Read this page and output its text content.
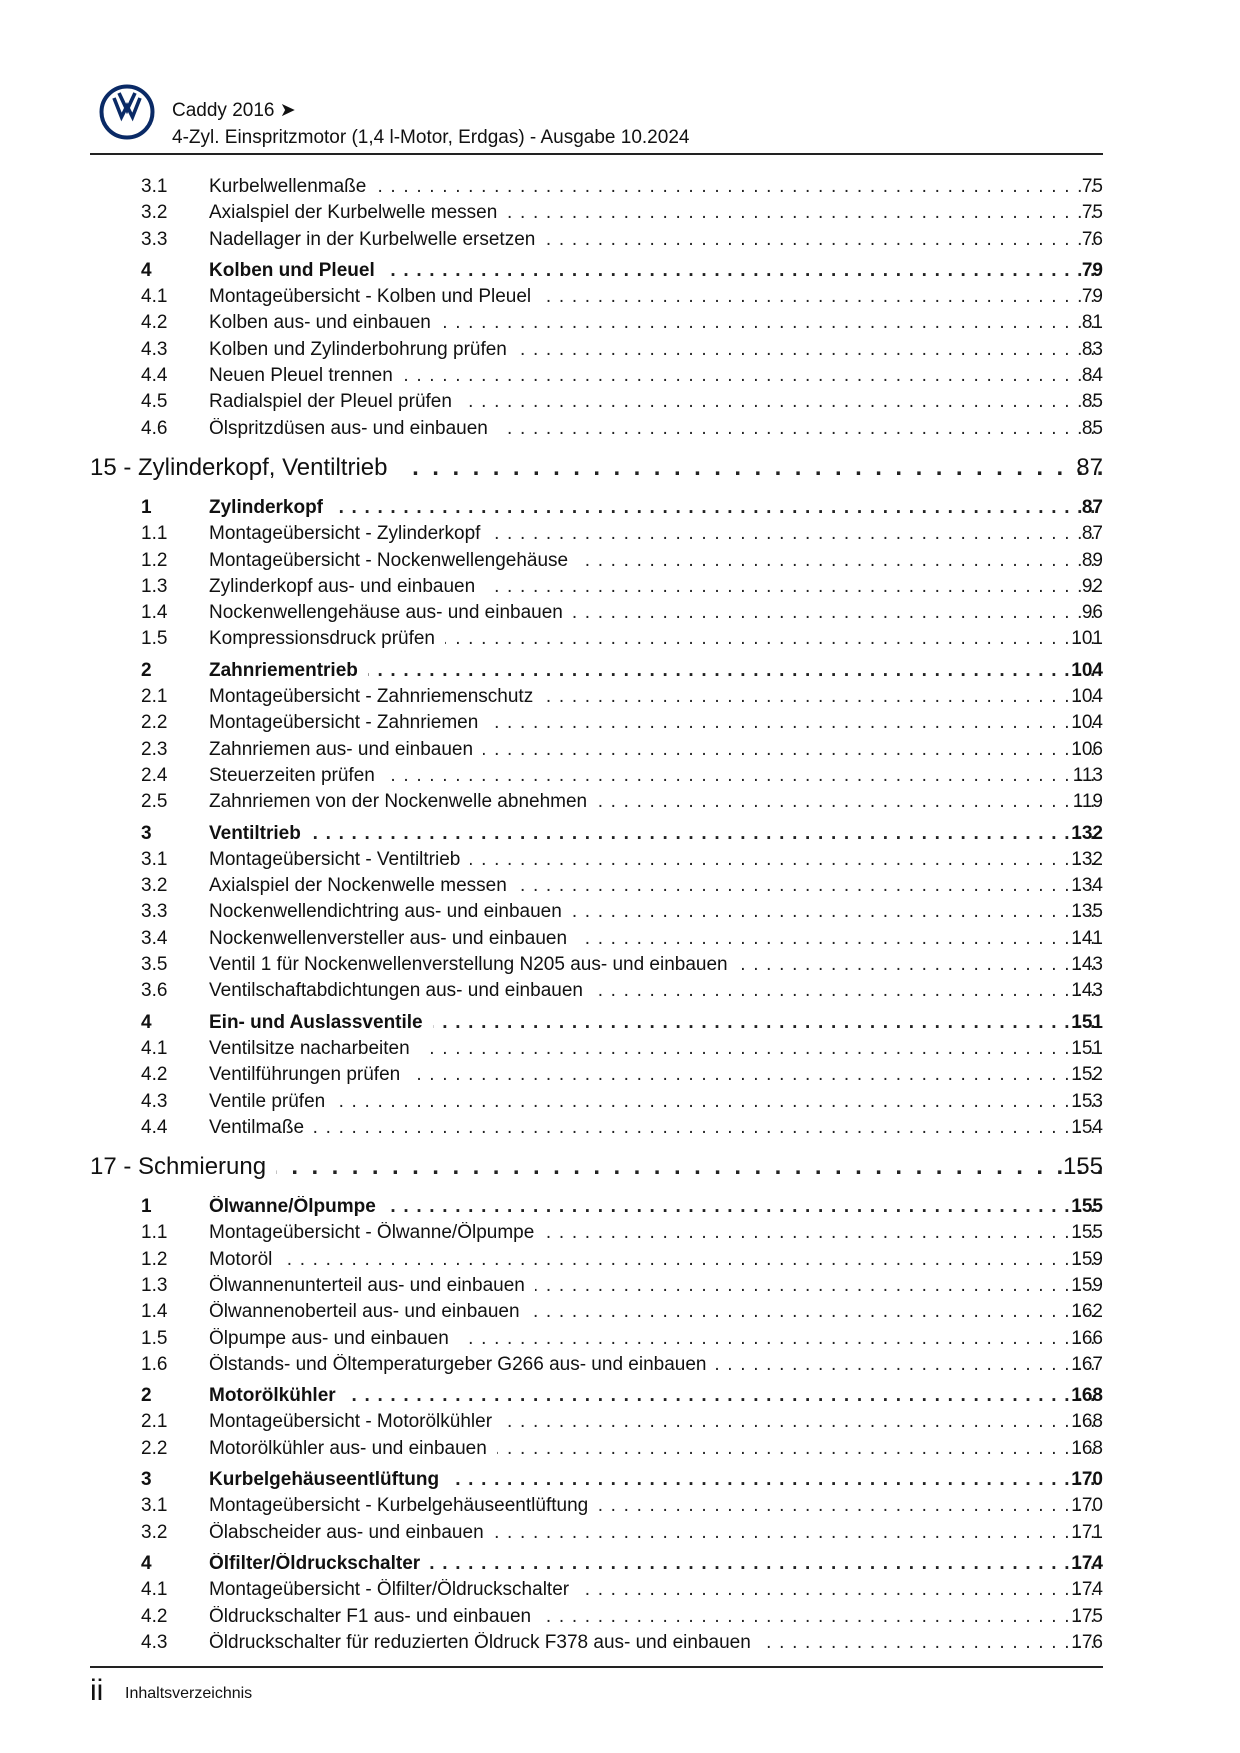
Caddy 2016 ➤
4-Zyl. Einspritzmotor (1,4 l-Motor, Erdgas) - Ausgabe 10.2024
3.1 Kurbelwellenmaße . . .	75
3.2 Axialspiel der Kurbelwelle messen . . .	75
3.3 Nadellager in der Kurbelwelle ersetzen . . .	76
4	Kolben und Pleuel . . .	79
4.1 Montageübersicht - Kolben und Pleuel . . .	79
4.2 Kolben aus- und einbauen . . .	81
4.3 Kolben und Zylinderbohrung prüfen . . .	83
4.4 Neuen Pleuel trennen . . .	84
4.5 Radialspiel der Pleuel prüfen . . .	85
4.6 Ölspritzdüsen aus- und einbauen . . .	85
15 - Zylinderkopf, Ventiltrieb . . .	87
1	Zylinderkopf . . .	87
1.1 Montageübersicht - Zylinderkopf . . .	87
1.2 Montageübersicht - Nockenwellengehäuse . . .	89
1.3 Zylinderkopf aus- und einbauen . . .	92
1.4 Nockenwellengehäuse aus- und einbauen . . .	96
1.5 Kompressionsdruck prüfen . . .	101
2	Zahnriementrieb . . .	104
2.1 Montageübersicht - Zahnriemenschutz . . .	104
2.2 Montageübersicht - Zahnriemen . . .	104
2.3 Zahnriemen aus- und einbauen . . .	106
2.4 Steuerzeiten prüfen . . .	113
2.5 Zahnriemen von der Nockenwelle abnehmen . . .	119
3	Ventiltrieb . . .	132
3.1 Montageübersicht - Ventiltrieb . . .	132
3.2 Axialspiel der Nockenwelle messen . . .	134
3.3 Nockenwellendichtring aus- und einbauen . . .	135
3.4 Nockenwellenversteller aus- und einbauen . . .	141
3.5 Ventil 1 für Nockenwellenverstellung N205 aus- und einbauen . . .	143
3.6 Ventilschaftabdichtungen aus- und einbauen . . .	143
4	Ein- und Auslassventile . . .	151
4.1 Ventilsitze nacharbeiten . . .	151
4.2 Ventilführungen prüfen . . .	152
4.3 Ventile prüfen . . .	153
4.4 Ventilmaße . . .	154
17 - Schmierung . . .	155
1	Ölwanne/Ölpumpe . . .	155
1.1 Montageübersicht - Ölwanne/Ölpumpe . . .	155
1.2 Motoröl . . .	159
1.3 Ölwannenunterteil aus- und einbauen . . .	159
1.4 Ölwannenoberteil aus- und einbauen . . .	162
1.5 Ölpumpe aus- und einbauen . . .	166
1.6 Ölstands- und Öltemperaturgeber G266 aus- und einbauen . . .	167
2	Motorölkühler . . .	168
2.1 Montageübersicht - Motorölkühler . . .	168
2.2 Motorölkühler aus- und einbauen . . .	168
3	Kurbelgehäuseentlüftung . . .	170
3.1 Montageübersicht - Kurbelgehäuseentlüftung . . .	170
3.2 Ölabscheider aus- und einbauen . . .	171
4	Ölfilter/Öldruckschalter . . .	174
4.1 Montageübersicht - Ölfilter/Öldruckschalter . . .	174
4.2 Öldruckschalter F1 aus- und einbauen . . .	175
4.3 Öldruckschalter für reduzierten Öldruck F378 aus- und einbauen . . .	176
ii Inhaltsverzeichnis
